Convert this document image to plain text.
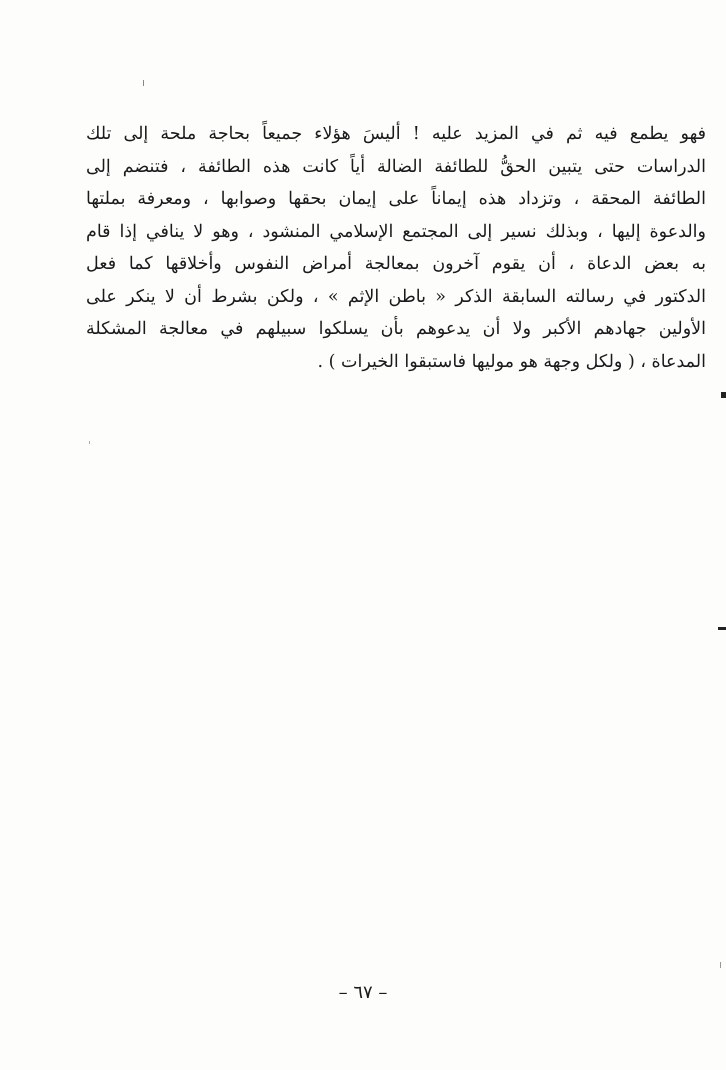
فهو يطمع فيه ثم في المزيد عليه ! أليسَ هؤلاء جميعاً بحاجة ملحة إلى تلك
الدراسات حتى يتبين الحقُّ للطائفة الضالة أياً كانت هذه الطائفة ، فتنضم إلى
الطائفة المحقة ، وتزداد هذه إيماناً على إيمان بحقها وصوابها ، ومعرفة بملتها
والدعوة إليها ، وبذلك نسير إلى المجتمع الإسلامي المنشود ، وهو لا ينافي إذا قام
به بعض الدعاة ، أن يقوم آخرون بمعالجة أمراض النفوس وأخلاقها كما فعل
الدكتور في رسالته السابقة الذكر « باطن الإثم » ، ولكن بشرط أن لا ينكر على
الأولين جهادهم الأكبر ولا أن يدعوهم بأن يسلكوا سبيلهم في معالجة المشكلة
المدعاة ، ( ولكل وجهة هو موليها فاستبقوا الخيرات ) .
– ٦٧ –
